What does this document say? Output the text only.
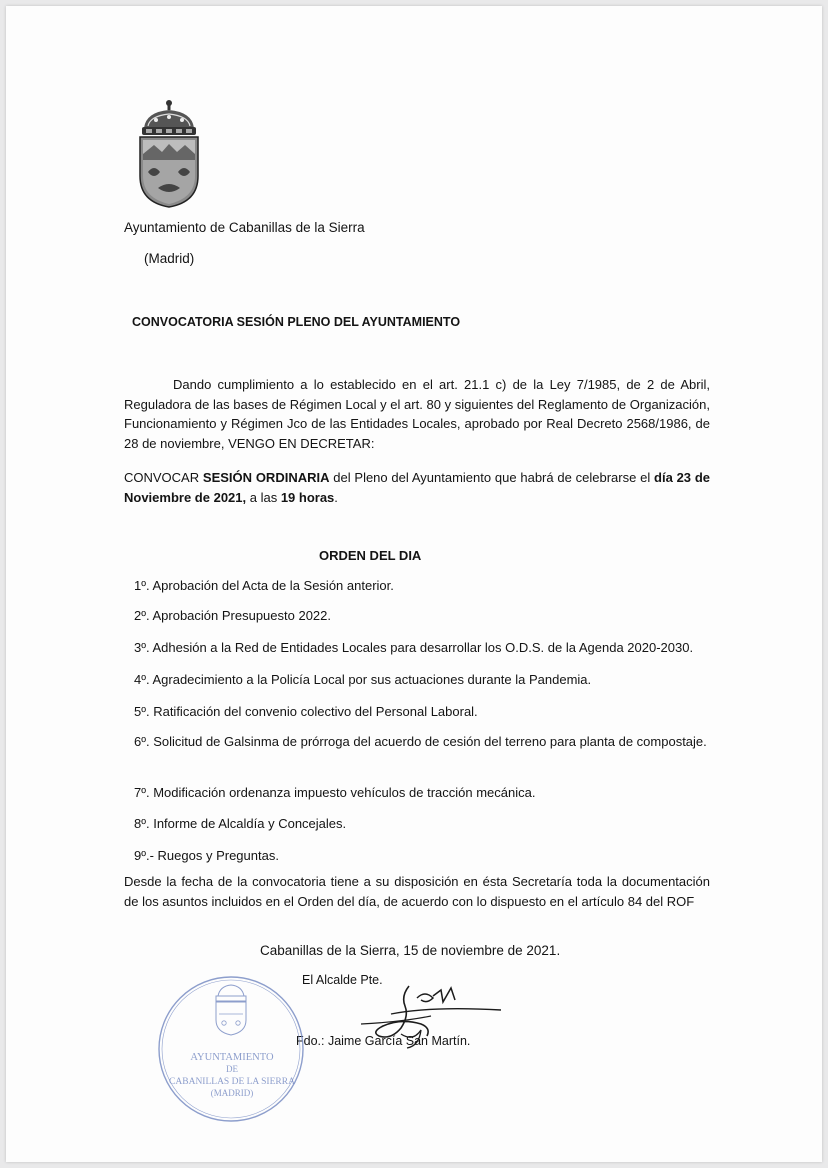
Ayuntamiento de Cabanillas de la Sierra
(Madrid)
CONVOCATORIA SESIÓN PLENO DEL AYUNTAMIENTO
Dando cumplimiento a lo establecido en el art. 21.1 c) de la Ley 7/1985, de 2 de Abril, Reguladora de las bases de Régimen Local y el art. 80 y siguientes del Reglamento de Organización, Funcionamiento y Régimen Jco de las Entidades Locales, aprobado por Real Decreto 2568/1986, de 28 de noviembre, VENGO EN DECRETAR:
CONVOCAR SESIÓN ORDINARIA del Pleno del Ayuntamiento que habrá de celebrarse el día 23 de Noviembre de 2021, a las 19 horas.
ORDEN DEL DIA
1º. Aprobación del Acta de la Sesión anterior.
2º. Aprobación Presupuesto 2022.
3º. Adhesión a la Red de Entidades Locales para desarrollar los O.D.S. de la Agenda 2020-2030.
4º. Agradecimiento a la Policía Local por sus actuaciones durante la Pandemia.
5º. Ratificación del convenio colectivo del Personal Laboral.
6º. Solicitud de Galsinma de prórroga del acuerdo de cesión del terreno para planta de compostaje.
7º. Modificación ordenanza impuesto vehículos de tracción mecánica.
8º. Informe de Alcaldía y Concejales.
9º.- Ruegos y Preguntas.
Desde la fecha de la convocatoria tiene a su disposición en ésta Secretaría toda la documentación de los asuntos incluidos en el Orden del día, de acuerdo con lo dispuesto en el artículo 84 del ROF
Cabanillas de la Sierra, 15 de noviembre de 2021.
El Alcalde Pte.
Fdo.: Jaime García San Martín.
AYUNTAMIENTO
DE
CABANILLAS DE LA SIERRA
(MADRID)
